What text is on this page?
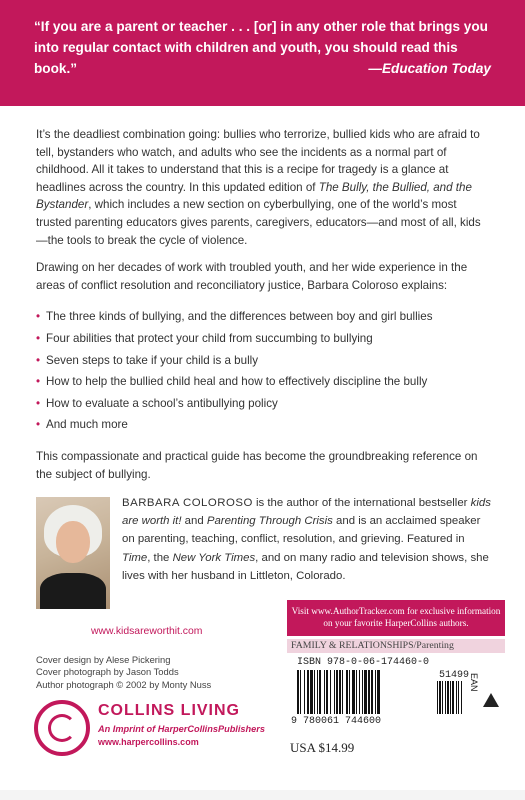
“If you are a parent or teacher . . . [or] in any other role that brings you into regular contact with children and youth, you should read this book.”	—Education Today

It’s the deadliest combination going: bullies who terrorize, bullied kids who are afraid to tell, bystanders who watch, and adults who see the incidents as a normal part of childhood. All it takes to understand that this is a recipe for tragedy is a glance at headlines across the country. In this updated edition of The Bully, the Bullied, and the Bystander, which includes a new section on cyberbullying, one of the world’s most trusted parenting educators gives parents, caregivers, educators—and most of all, kids—the tools to break the cycle of violence.

Drawing on her decades of work with troubled youth, and her wide experience in the areas of conflict resolution and reconciliatory justice, Barbara Coloroso explains:

• The three kinds of bullying, and the differences between boy and girl bullies
• Four abilities that protect your child from succumbing to bullying
• Seven steps to take if your child is a bully
• How to help the bullied child heal and how to effectively discipline the bully
• How to evaluate a school’s antibullying policy
• And much more

This compassionate and practical guide has become the groundbreaking reference on the subject of bullying.

BARBARA COLOROSO is the author of the international bestseller kids are worth it! and Parenting Through Crisis and is an acclaimed speaker on parenting, teaching, conflict, resolution, and grieving. Featured in Time, the New York Times, and on many radio and television shows, she lives with her husband in Littleton, Colorado.

www.kidsareworthit.com
Cover design by Alese Pickering
Cover photograph by Jason Todds
Author photograph © 2002 by Monty Nuss
COLLINS LIVING
An Imprint of HarperCollinsPublishers
www.harpercollins.com
Visit www.AuthorTracker.com for exclusive information on your favorite HarperCollins authors.
FAMILY & RELATIONSHIPS/Parenting
ISBN 978-0-06-174460-0
51499
9 780061 744600
EAN
USA $14.99
